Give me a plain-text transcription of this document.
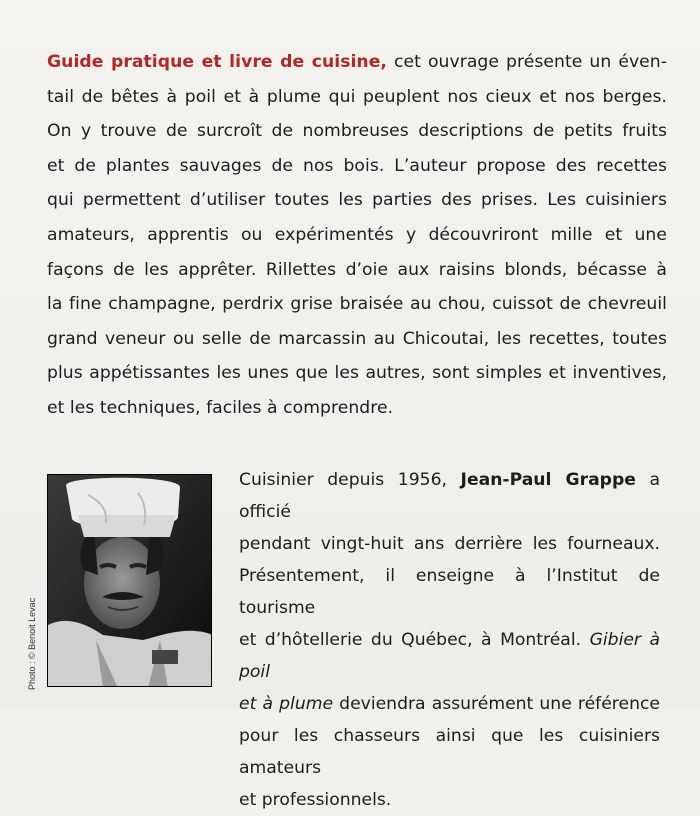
Guide pratique et livre de cuisine, cet ouvrage présente un éven-
tail de bêtes à poil et à plume qui peuplent nos cieux et nos berges.
On y trouve de surcroît de nombreuses descriptions de petits fruits
et de plantes sauvages de nos bois. L’auteur propose des recettes
qui permettent d’utiliser toutes les parties des prises. Les cuisiniers
amateurs, apprentis ou expérimentés y découvriront mille et une
façons de les apprêter. Rillettes d’oie aux raisins blonds, bécasse à
la fine champagne, perdrix grise braisée au chou, cuissot de chevreuil
grand veneur ou selle de marcassin au Chicoutai, les recettes, toutes
plus appétissantes les unes que les autres, sont simples et inventives,
et les techniques, faciles à comprendre.

Photo : © Benoit Levac

Cuisinier depuis 1956, Jean-Paul Grappe a officié
pendant vingt-huit ans derrière les fourneaux.
Présentement, il enseigne à l’Institut de tourisme
et d’hôtellerie du Québec, à Montréal. Gibier à poil
et à plume deviendra assurément une référence
pour les chasseurs ainsi que les cuisiniers amateurs
et professionnels.
